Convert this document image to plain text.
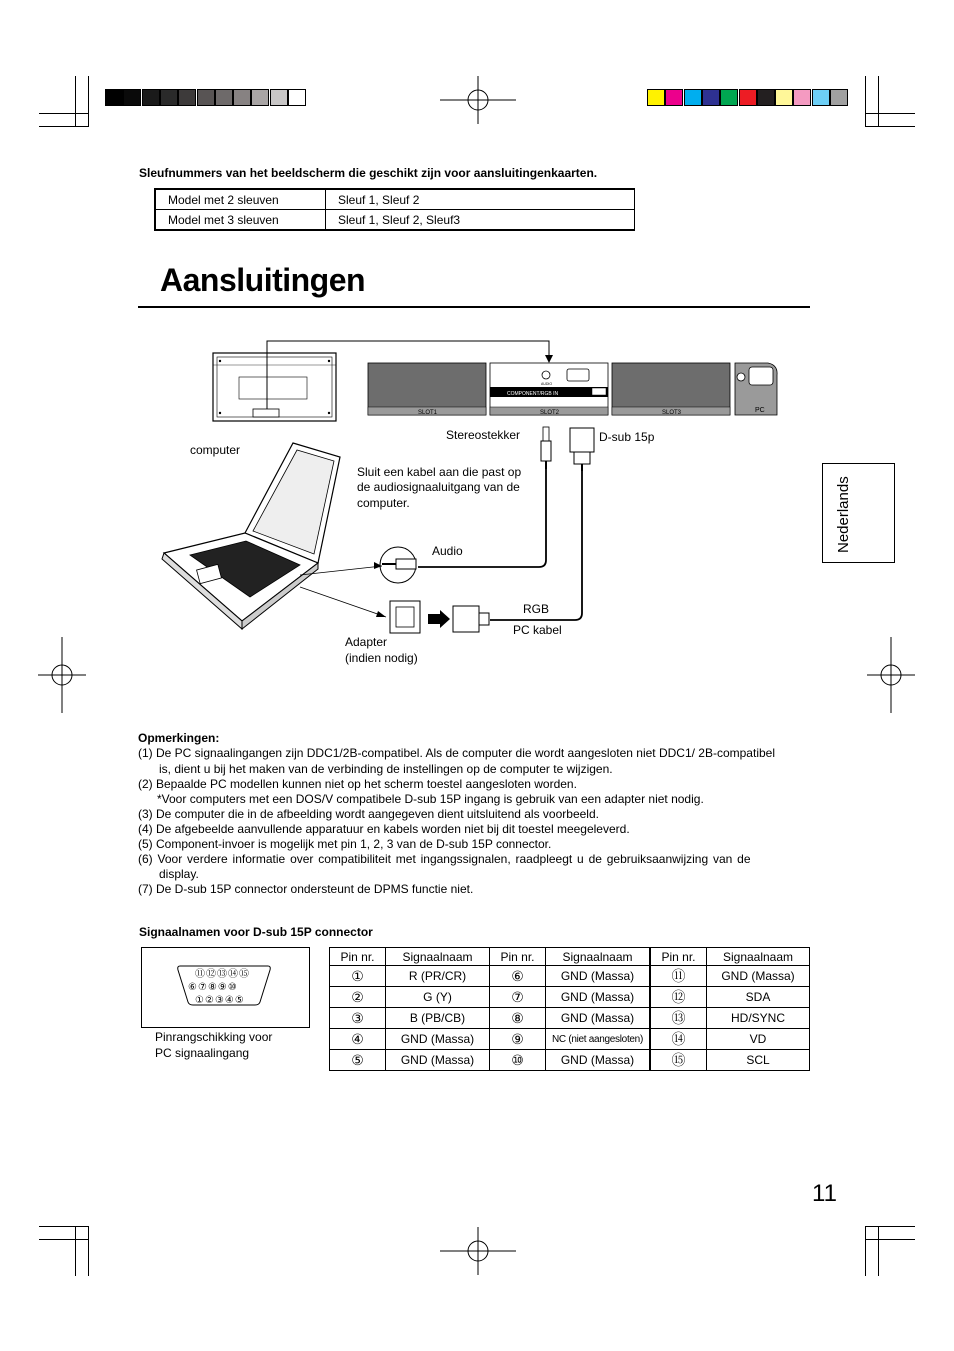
Sleufnummers van het beeldscherm die geschikt zijn voor aansluitingenkaarten.
Model met 2 sleuven	Sleuf 1, Sleuf 2
Model met 3 sleuven	Sleuf 1, Sleuf 2, Sleuf3
Aansluitingen
Nederlands
SLOT1
COMPONENT/RGB IN
AUDIO
SLOT2	SLOT3	PC
Stereostekker	D-sub 15p
computer
Sluit een kabel aan die past op
de audiosignaaluitgang van de
computer.
Audio
RGB
PC kabel
Adapter
(indien nodig)
Opmerkingen:
(1) De PC signaalingangen zijn DDC1/2B-compatibel. Als de computer die wordt aangesloten niet DDC1/ 2B-compatibel
is, dient u bij het maken van de verbinding de instellingen op de computer te wijzigen.
(2) Bepaalde PC modellen kunnen niet op het scherm toestel aangesloten worden.
*Voor computers met een DOS/V compatibele D-sub 15P ingang is gebruik van een adapter niet nodig.
(3) De computer die in de afbeelding wordt aangegeven dient uitsluitend als voorbeeld.
(4) De afgebeelde aanvullende apparatuur en kabels worden niet bij dit toestel meegeleverd.
(5) Component-invoer is mogelijk met pin 1, 2, 3 van de D-sub 15P connector.
(6) Voor verdere informatie over compatibiliteit met ingangssignalen, raadpleegt u de gebruiksaanwijzing van de
display.
(7) De D-sub 15P connector ondersteunt de DPMS functie niet.
Signaalnamen voor D-sub 15P connector
⑪⑫⑬⑭⑮
⑥⑦⑧⑨⑩
①②③④⑤
Pinrangschikking voor
PC signaalingang
Pin nr.	Signaalnaam	Pin nr.	Signaalnaam	Pin nr.	Signaalnaam
①	R (PR/CR)	⑥	GND (Massa)	⑪	GND (Massa)
②	G (Y)	⑦	GND (Massa)	⑫	SDA
③	B (PB/CB)	⑧	GND (Massa)	⑬	HD/SYNC
④	GND (Massa)	⑨	NC (niet aangesloten)	⑭	VD
⑤	GND (Massa)	⑩	GND (Massa)	⑮	SCL
11
